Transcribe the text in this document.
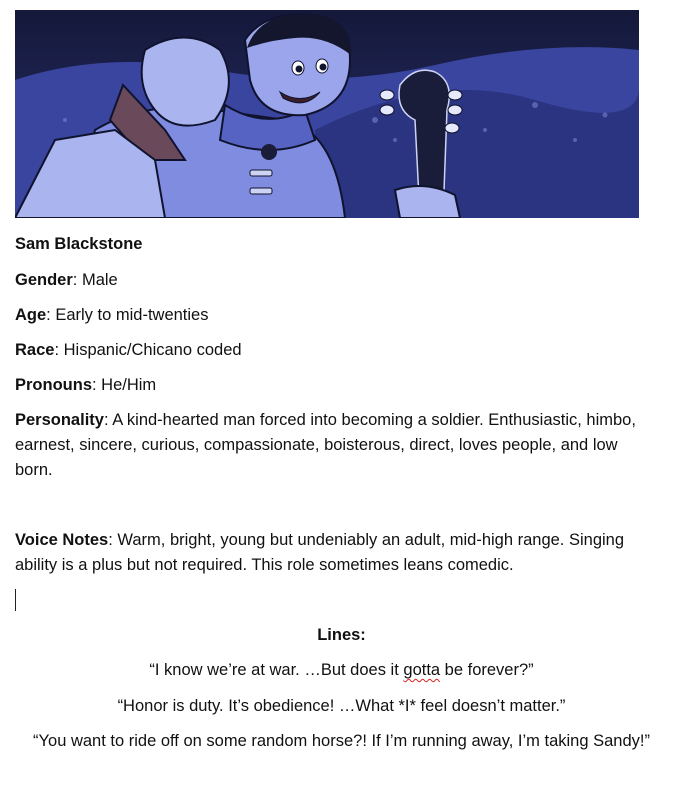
Sam Blackstone
Gender: Male
Age: Early to mid-twenties
Race: Hispanic/Chicano coded
Pronouns: He/Him
Personality: A kind-hearted man forced into becoming a soldier. Enthusiastic, himbo, earnest, sincere, curious, compassionate, boisterous, direct, loves people, and low born.
Voice Notes: Warm, bright, young but undeniably an adult, mid-high range. Singing ability is a plus but not required. This role sometimes leans comedic.
Lines:
“I know we’re at war. …But does it gotta be forever?”
“Honor is duty. It’s obedience! …What *I* feel doesn’t matter.”
“You want to ride off on some random horse?! If I’m running away, I’m taking Sandy!”
